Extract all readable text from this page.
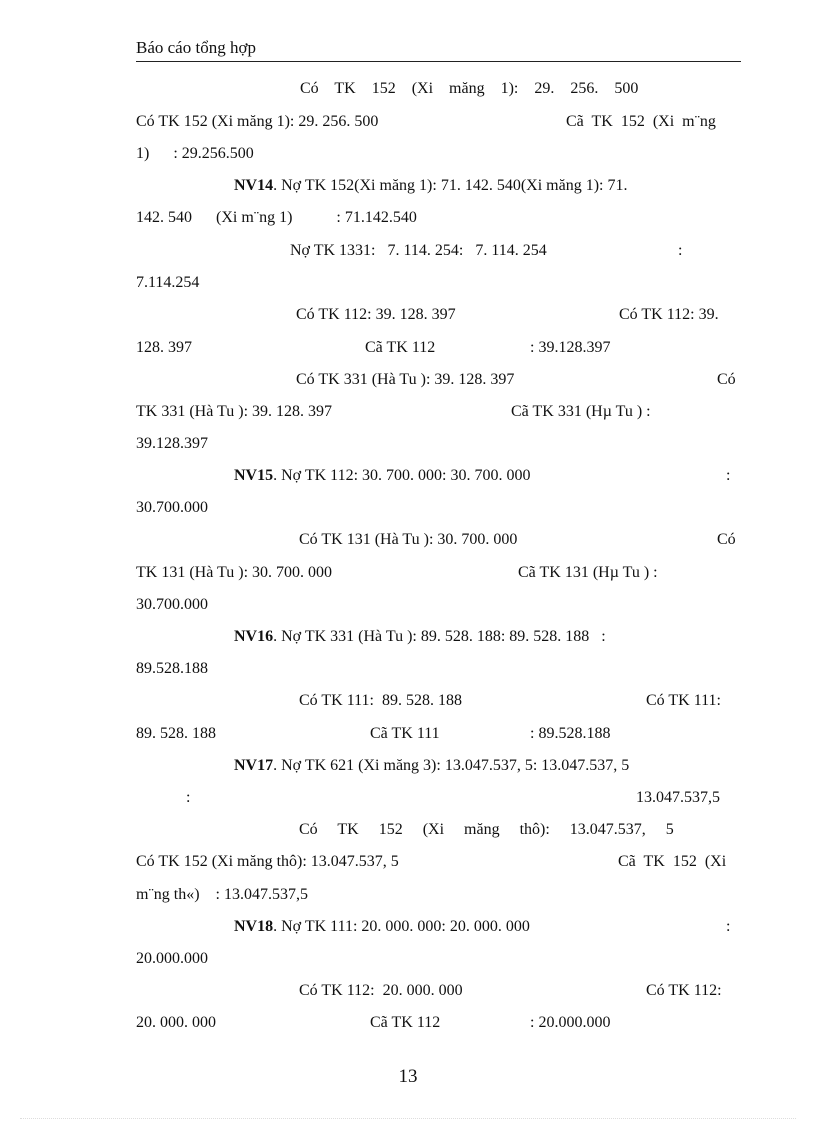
Báo cáo tổng hợp
Có    TK    152    (Xi    măng    1):    29.    256.    500
Có TK 152 (Xi măng 1): 29. 256. 500	Cã  TK  152  (Xi  m¨ng
1)      : 29.256.500
NV14. Nợ TK 152(Xi măng 1): 71. 142. 540(Xi măng 1): 71.
142. 540      (Xi m¨ng 1)           : 71.142.540
Nợ TK 1331:   7. 114. 254:   7. 114. 254	:
7.114.254
Có TK 112: 39. 128. 397	Có TK 112: 39.
128. 397	Cã TK 112	: 39.128.397
Có TK 331 (Hà Tu ): 39. 128. 397	Có
TK 331 (Hà Tu ): 39. 128. 397	Cã TK 331 (Hµ Tu ) :
39.128.397
NV15. Nợ TK 112: 30. 700. 000: 30. 700. 000	:
30.700.000
Có TK 131 (Hà Tu ): 30. 700. 000	Có
TK 131 (Hà Tu ): 30. 700. 000	Cã TK 131 (Hµ Tu ) :
30.700.000
NV16. Nợ TK 331 (Hà Tu ): 89. 528. 188: 89. 528. 188   :
89.528.188
Có TK 111:  89. 528. 188	Có TK 111:
89. 528. 188	Cã TK 111	: 89.528.188
NV17. Nợ TK 621 (Xi măng 3): 13.047.537, 5: 13.047.537, 5
:	13.047.537,5
Có     TK     152     (Xi     măng     thô):     13.047.537,     5
Có TK 152 (Xi măng thô): 13.047.537, 5	Cã  TK  152  (Xi
m¨ng th«)    : 13.047.537,5
NV18. Nợ TK 111: 20. 000. 000: 20. 000. 000	:
20.000.000
Có TK 112:  20. 000. 000	Có TK 112:
20. 000. 000	Cã TK 112	: 20.000.000
13
